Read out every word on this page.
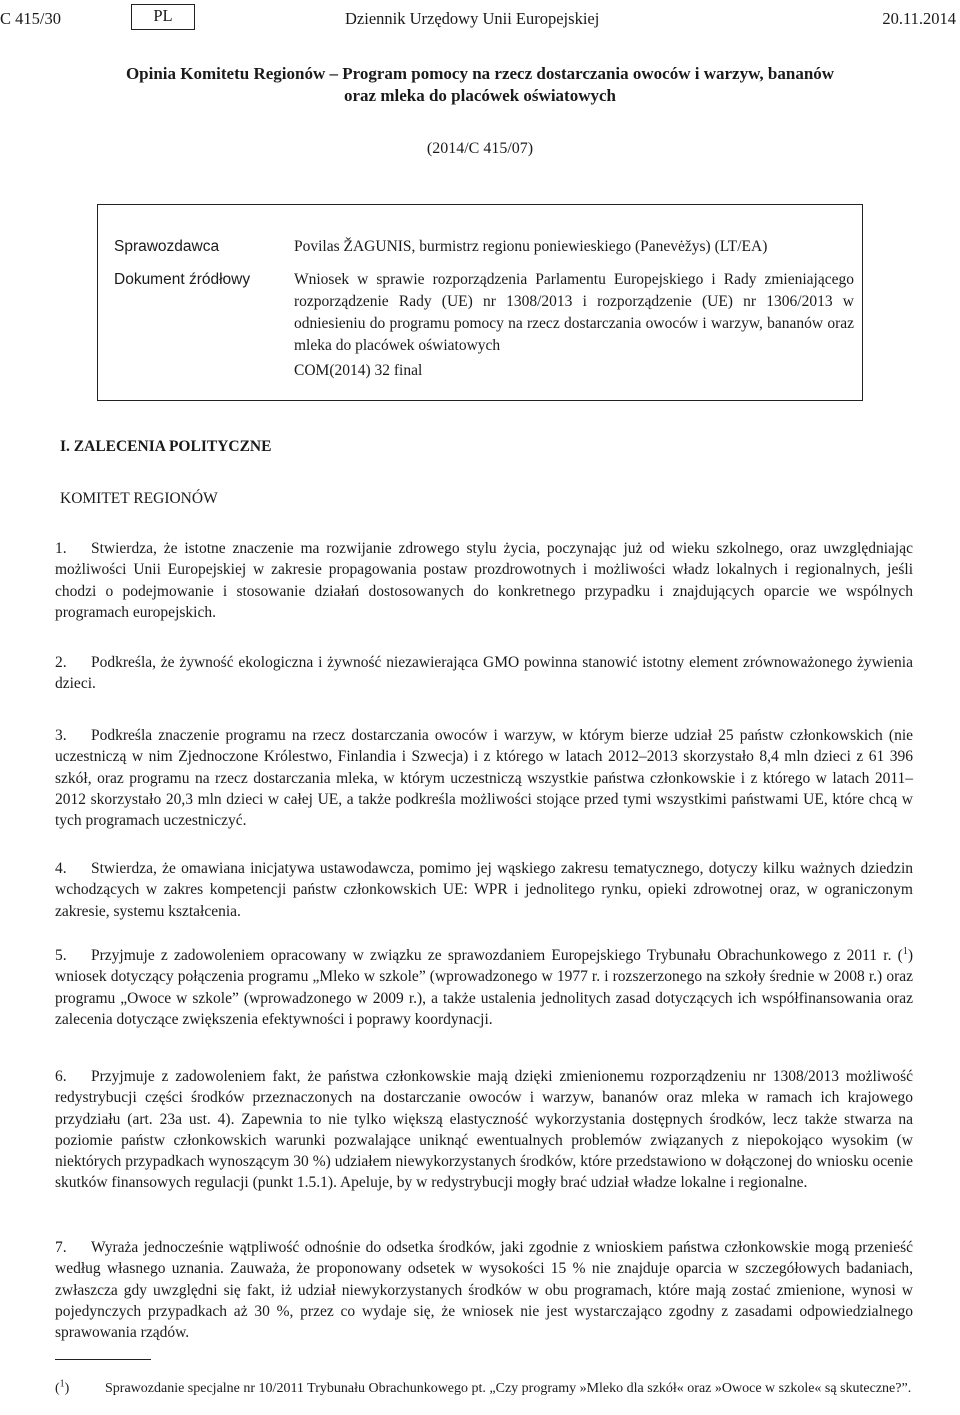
C 415/30	PL	Dziennik Urzędowy Unii Europejskiej	20.11.2014
Opinia Komitetu Regionów – Program pomocy na rzecz dostarczania owoców i warzyw, bananów
oraz mleka do placówek oświatowych
(2014/C 415/07)
Sprawozdawca	Povilas ŽAGUNIS, burmistrz regionu poniewieskiego (Panevėžys) (LT/EA)
Dokument źródłowy	Wniosek w sprawie rozporządzenia Parlamentu Europejskiego i Rady zmieniającego rozporządzenie Rady (UE) nr 1308/2013 i rozporządzenie (UE) nr 1306/2013 w odniesieniu do programu pomocy na rzecz dostarczania owoców i warzyw, bananów oraz mleka do placówek oświatowych
COM(2014) 32 final
I. ZALECENIA POLITYCZNE
KOMITET REGIONÓW
1. Stwierdza, że istotne znaczenie ma rozwijanie zdrowego stylu życia, poczynając już od wieku szkolnego, oraz uwzględniając możliwości Unii Europejskiej w zakresie propagowania postaw prozdrowotnych i możliwości władz lokalnych i regionalnych, jeśli chodzi o podejmowanie i stosowanie działań dostosowanych do konkretnego przypadku i znajdujących oparcie we wspólnych programach europejskich.
2. Podkreśla, że żywność ekologiczna i żywność niezawierająca GMO powinna stanowić istotny element zrównoważonego żywienia dzieci.
3. Podkreśla znaczenie programu na rzecz dostarczania owoców i warzyw, w którym bierze udział 25 państw członkowskich (nie uczestniczą w nim Zjednoczone Królestwo, Finlandia i Szwecja) i z którego w latach 2012–2013 skorzystało 8,4 mln dzieci z 61 396 szkół, oraz programu na rzecz dostarczania mleka, w którym uczestniczą wszystkie państwa członkowskie i z którego w latach 2011–2012 skorzystało 20,3 mln dzieci w całej UE, a także podkreśla możliwości stojące przed tymi wszystkimi państwami UE, które chcą w tych programach uczestniczyć.
4. Stwierdza, że omawiana inicjatywa ustawodawcza, pomimo jej wąskiego zakresu tematycznego, dotyczy kilku ważnych dziedzin wchodzących w zakres kompetencji państw członkowskich UE: WPR i jednolitego rynku, opieki zdrowotnej oraz, w ograniczonym zakresie, systemu kształcenia.
5. Przyjmuje z zadowoleniem opracowany w związku ze sprawozdaniem Europejskiego Trybunału Obrachunkowego z 2011 r. ($^1$) wniosek dotyczący połączenia programu „Mleko w szkole” (wprowadzonego w 1977 r. i rozszerzonego na szkoły średnie w 2008 r.) oraz programu „Owoce w szkole” (wprowadzonego w 2009 r.), a także ustalenia jednolitych zasad dotyczących ich współfinansowania oraz zalecenia dotyczące zwiększenia efektywności i poprawy koordynacji.
6. Przyjmuje z zadowoleniem fakt, że państwa członkowskie mają dzięki zmienionemu rozporządzeniu nr 1308/2013 możliwość redystrybucji części środków przeznaczonych na dostarczanie owoców i warzyw, bananów oraz mleka w ramach ich krajowego przydziału (art. 23a ust. 4). Zapewnia to nie tylko większą elastyczność wykorzystania dostępnych środków, lecz także stwarza na poziomie państw członkowskich warunki pozwalające uniknąć ewentualnych problemów związanych z niepokojąco wysokim (w niektórych przypadkach wynoszącym 30 %) udziałem niewykorzystanych środków, które przedstawiono w dołączonej do wniosku ocenie skutków finansowych regulacji (punkt 1.5.1). Apeluje, by w redystrybucji mogły brać udział władze lokalne i regionalne.
7. Wyraża jednocześnie wątpliwość odnośnie do odsetka środków, jaki zgodnie z wnioskiem państwa członkowskie mogą przenieść według własnego uznania. Zauważa, że proponowany odsetek w wysokości 15 % nie znajduje oparcia w szczegółowych badaniach, zwłaszcza gdy uwzględni się fakt, iż udział niewykorzystanych środków w obu programach, które mają zostać zmienione, wynosi w pojedynczych przypadkach aż 30 %, przez co wydaje się, że wniosek nie jest wystarczająco zgodny z zasadami odpowiedzialnego sprawowania rządów.
($^1$)	Sprawozdanie specjalne nr 10/2011 Trybunału Obrachunkowego pt. „Czy programy »Mleko dla szkół« oraz »Owoce w szkole« są skuteczne?”.
